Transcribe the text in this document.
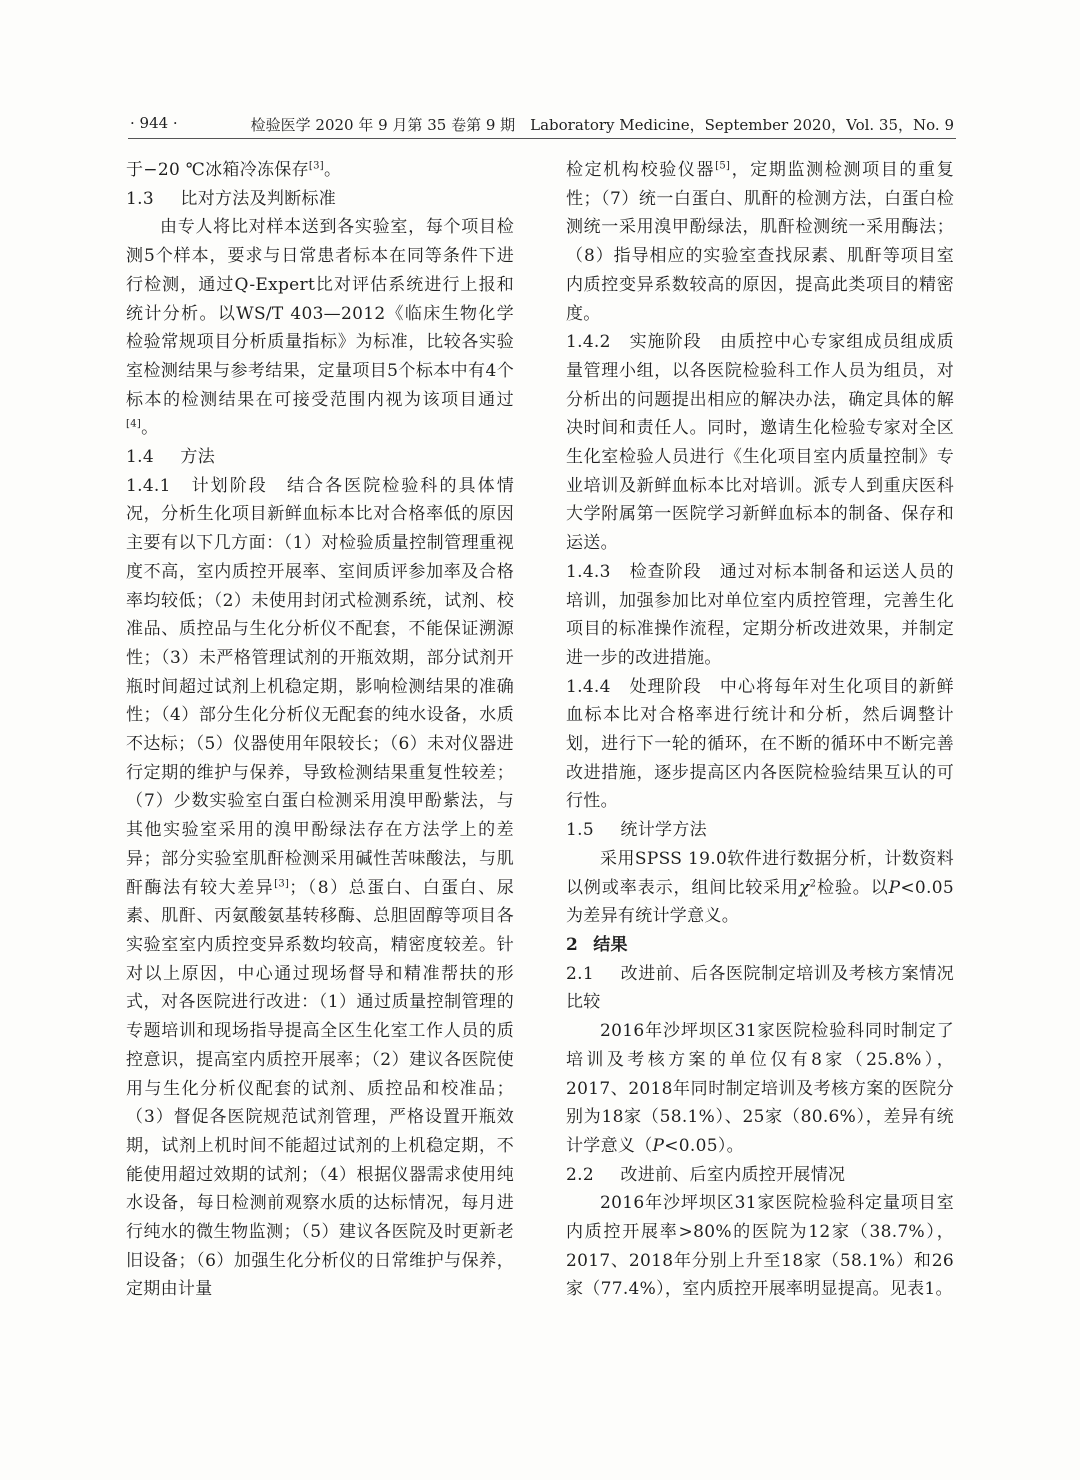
· 944 ·	检验医学 2020 年 9 月第 35 卷第 9 期　Laboratory Medicine，September 2020，Vol. 35，No. 9

于−20 ℃冰箱冷冻保存[3]。

1.3 比对方法及判断标准

由专人将比对样本送到各实验室，每个项目检测5个样本，要求与日常患者标本在同等条件下进行检测，通过Q-Expert比对评估系统进行上报和统计分析。以WS/T 403—2012《临床生物化学检验常规项目分析质量指标》为标准，比较各实验室检测结果与参考结果，定量项目5个标本中有4个标本的检测结果在可接受范围内视为该项目通过[4]。

1.4 方法

1.4.1　计划阶段　结合各医院检验科的具体情况，分析生化项目新鲜血标本比对合格率低的原因主要有以下几方面：（1）对检验质量控制管理重视度不高，室内质控开展率、室间质评参加率及合格率均较低；（2）未使用封闭式检测系统，试剂、校准品、质控品与生化分析仪不配套，不能保证溯源性；（3）未严格管理试剂的开瓶效期，部分试剂开瓶时间超过试剂上机稳定期，影响检测结果的准确性；（4）部分生化分析仪无配套的纯水设备，水质不达标；（5）仪器使用年限较长；（6）未对仪器进行定期的维护与保养，导致检测结果重复性较差；（7）少数实验室白蛋白检测采用溴甲酚紫法，与其他实验室采用的溴甲酚绿法存在方法学上的差异；部分实验室肌酐检测采用碱性苦味酸法，与肌酐酶法有较大差异[3]；（8）总蛋白、白蛋白、尿素、肌酐、丙氨酸氨基转移酶、总胆固醇等项目各实验室室内质控变异系数均较高，精密度较差。针对以上原因，中心通过现场督导和精准帮扶的形式，对各医院进行改进：（1）通过质量控制管理的专题培训和现场指导提高全区生化室工作人员的质控意识，提高室内质控开展率；（2）建议各医院使用与生化分析仪配套的试剂、质控品和校准品；（3）督促各医院规范试剂管理，严格设置开瓶效期，试剂上机时间不能超过试剂的上机稳定期，不能使用超过效期的试剂；（4）根据仪器需求使用纯水设备，每日检测前观察水质的达标情况，每月进行纯水的微生物监测；（5）建议各医院及时更新老旧设备；（6）加强生化分析仪的日常维护与保养，定期由计量

检定机构校验仪器[5]，定期监测检测项目的重复性；（7）统一白蛋白、肌酐的检测方法，白蛋白检测统一采用溴甲酚绿法，肌酐检测统一采用酶法；（8）指导相应的实验室查找尿素、肌酐等项目室内质控变异系数较高的原因，提高此类项目的精密度。

1.4.2　实施阶段　由质控中心专家组成员组成质量管理小组，以各医院检验科工作人员为组员，对分析出的问题提出相应的解决办法，确定具体的解决时间和责任人。同时，邀请生化检验专家对全区生化室检验人员进行《生化项目室内质量控制》专业培训及新鲜血标本比对培训。派专人到重庆医科大学附属第一医院学习新鲜血标本的制备、保存和运送。

1.4.3　检查阶段　通过对标本制备和运送人员的培训，加强参加比对单位室内质控管理，完善生化项目的标准操作流程，定期分析改进效果，并制定进一步的改进措施。

1.4.4　处理阶段　中心将每年对生化项目的新鲜血标本比对合格率进行统计和分析，然后调整计划，进行下一轮的循环，在不断的循环中不断完善改进措施，逐步提高区内各医院检验结果互认的可行性。

1.5 统计学方法

采用SPSS 19.0软件进行数据分析，计数资料以例或率表示，组间比较采用$\chi^2$检验。以P<0.05为差异有统计学意义。

2 结果

2.1 改进前、后各医院制定培训及考核方案情况比较

2016年沙坪坝区31家医院检验科同时制定了培训及考核方案的单位仅有8家（25.8%），2017、2018年同时制定培训及考核方案的医院分别为18家（58.1%）、25家（80.6%），差异有统计学意义（P<0.05）。

2.2 改进前、后室内质控开展情况

2016年沙坪坝区31家医院检验科定量项目室内质控开展率>80%的医院为12家（38.7%），2017、2018年分别上升至18家（58.1%）和26家（77.4%），室内质控开展率明显提高。见表1。
